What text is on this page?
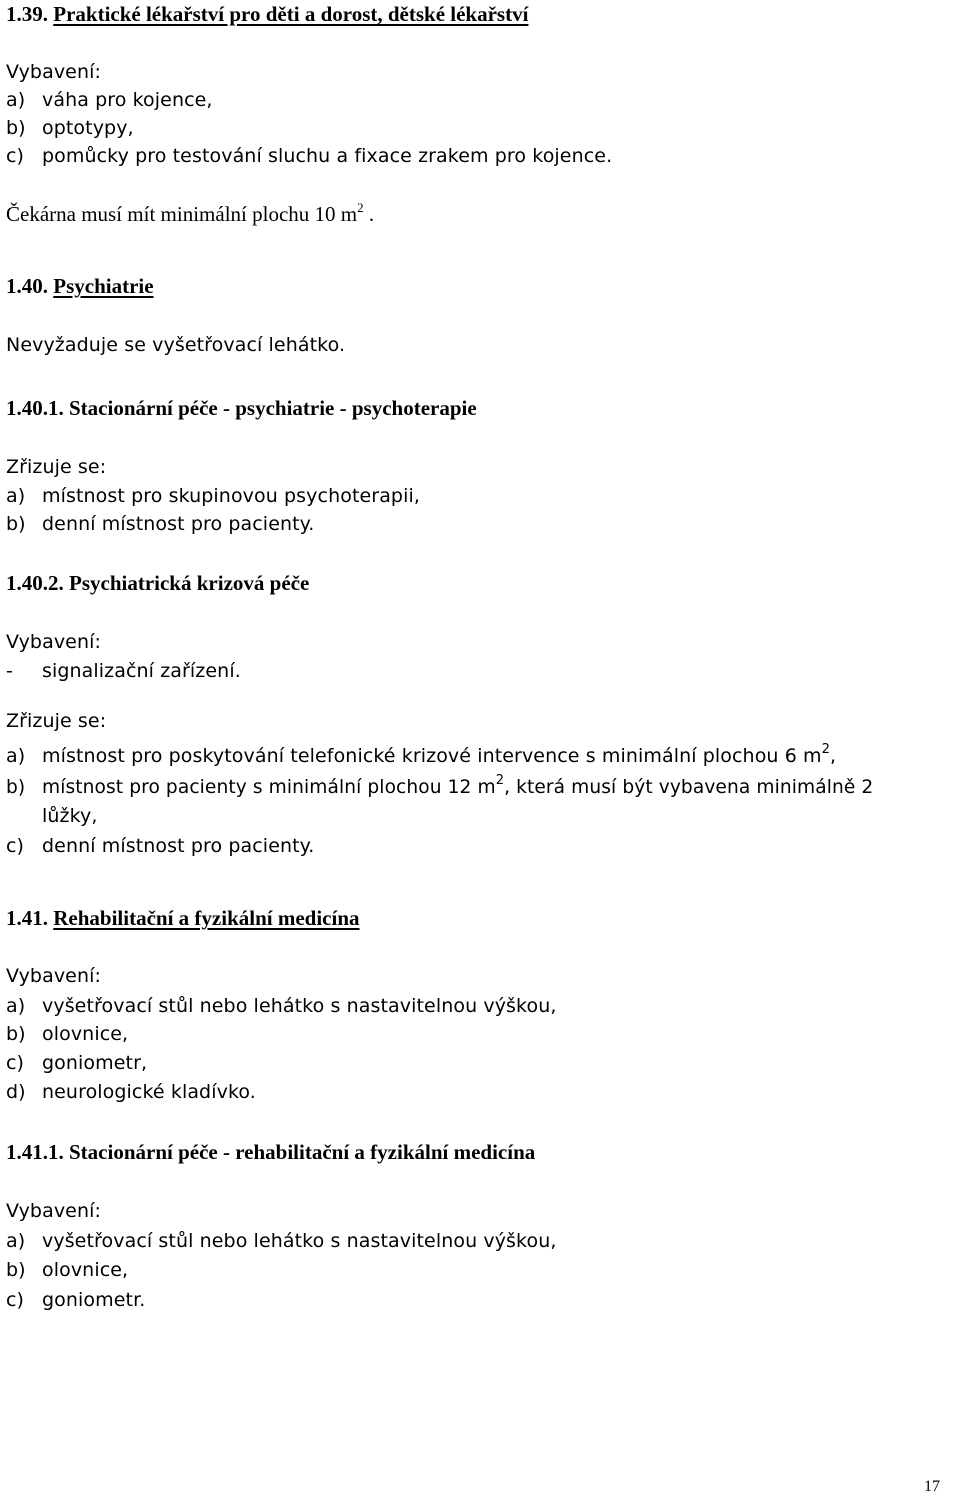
1.39. Praktické lékařství pro děti a dorost, dětské lékařství
Vybavení:
a) váha pro kojence,
b) optotypy,
c) pomůcky pro testování sluchu a fixace zrakem pro kojence.
Čekárna musí mít minimální plochu 10 $m^2$ .
1.40. Psychiatrie
Nevyžaduje se vyšetřovací lehátko.
1.40.1. Stacionární péče - psychiatrie - psychoterapie
Zřizuje se:
a) místnost pro skupinovou psychoterapii,
b) denní místnost pro pacienty.
1.40.2. Psychiatrická krizová péče
Vybavení:
- signalizační zařízení.
Zřizuje se:
a) místnost pro poskytování telefonické krizové intervence s minimální plochou 6 $m^2$,
b) místnost pro pacienty s minimální plochou 12 $m^2$, která musí být vybavena minimálně 2
lůžky,
c) denní místnost pro pacienty.
1.41. Rehabilitační a fyzikální medicína
Vybavení:
a) vyšetřovací stůl nebo lehátko s nastavitelnou výškou,
b) olovnice,
c) goniometr,
d) neurologické kladívko.
1.41.1. Stacionární péče - rehabilitační a fyzikální medicína
Vybavení:
a) vyšetřovací stůl nebo lehátko s nastavitelnou výškou,
b) olovnice,
c) goniometr.
17
